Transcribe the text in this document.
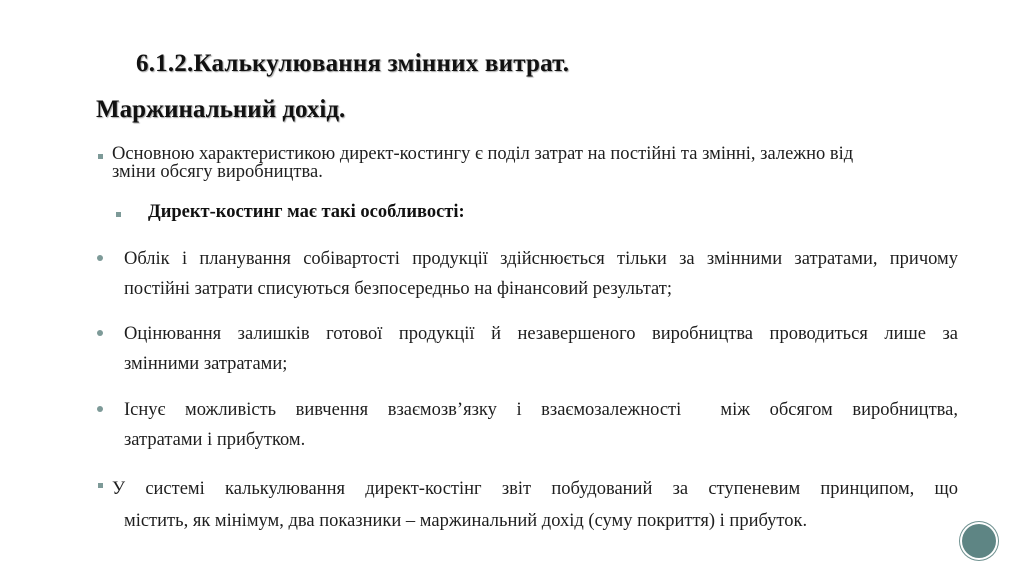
6.1.2.Калькулювання змінних витрат.
Маржинальний дохід.
Основною характеристикою директ-костингу є поділ затрат на постійні та змінні, залежно від
зміни обсягу виробництва.
Директ-костинг має такі особливості:
Облік і планування собівартості продукції здійснюється тільки за змінними затратами, причому
постійні затрати списуються безпосередньо на фінансовий результат;
Оцінювання залишків готової продукції й незавершеного виробництва проводиться лише за
змінними затратами;
Існує можливість вивчення взаємозв’язку і взаємозалежності  між обсягом виробництва,
затратами і прибутком.
У системі калькулювання директ-костінг звіт побудований за ступеневим принципом, що
містить, як мінімум, два показники – маржинальний дохід (суму покриття) і прибуток.
